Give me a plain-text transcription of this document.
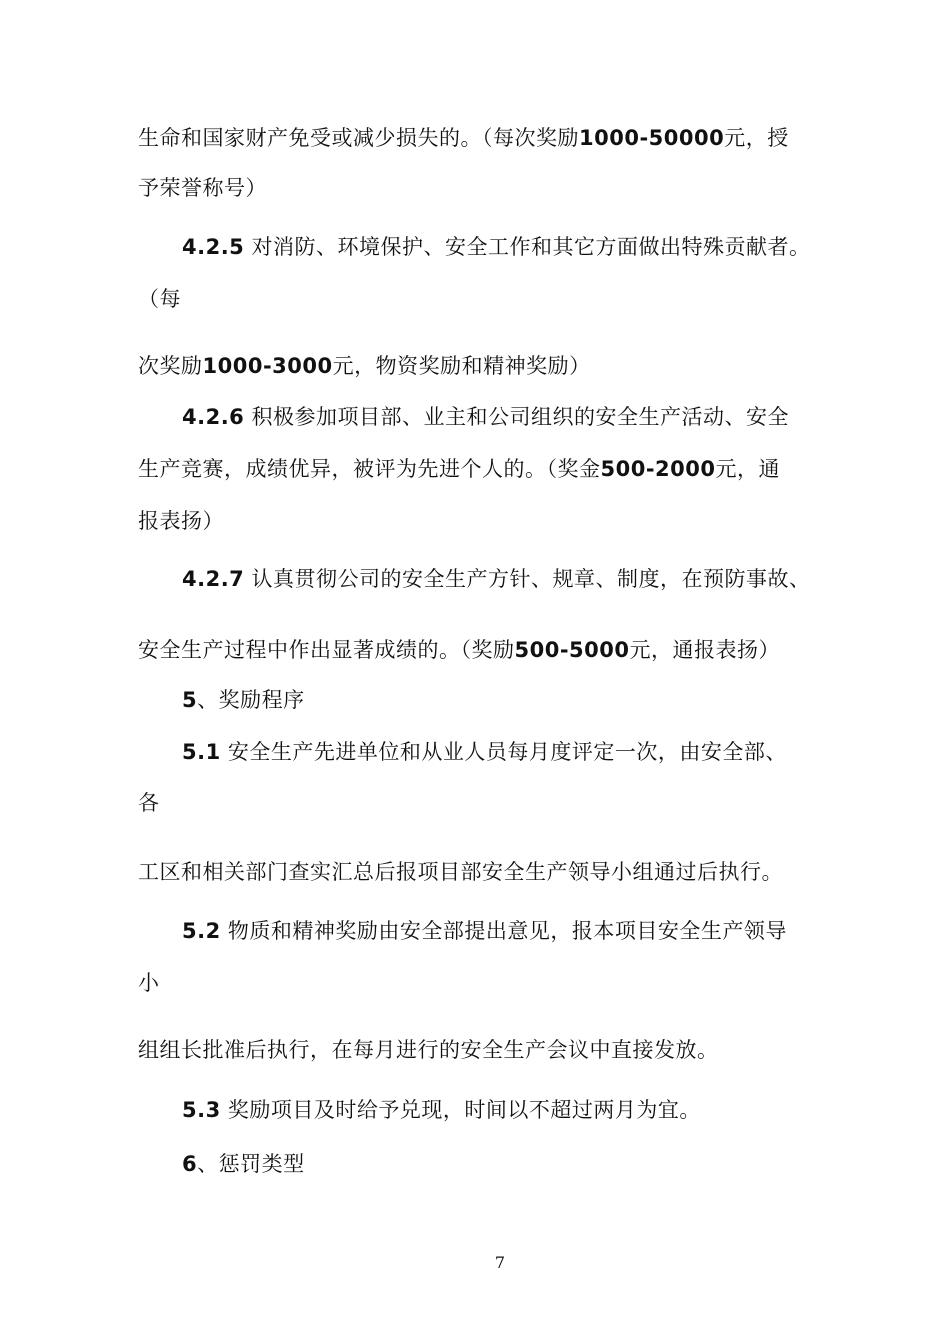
生命和国家财产免受或减少损失的。（每次奖励1000-50000元，授
予荣誉称号）
4.2.5 对消防、环境保护、安全工作和其它方面做出特殊贡献者。
（每
次奖励1000-3000元，物资奖励和精神奖励）
4.2.6 积极参加项目部、业主和公司组织的安全生产活动、安全
生产竞赛，成绩优异，被评为先进个人的。（奖金500-2000元，通
报表扬）
4.2.7 认真贯彻公司的安全生产方针、规章、制度，在预防事故、
安全生产过程中作出显著成绩的。（奖励500-5000元，通报表扬）
5、奖励程序
5.1 安全生产先进单位和从业人员每月度评定一次，由安全部、
各
工区和相关部门查实汇总后报项目部安全生产领导小组通过后执行。
5.2 物质和精神奖励由安全部提出意见，报本项目安全生产领导
小
组组长批准后执行，在每月进行的安全生产会议中直接发放。
5.3 奖励项目及时给予兑现，时间以不超过两月为宜。
6、惩罚类型
7
